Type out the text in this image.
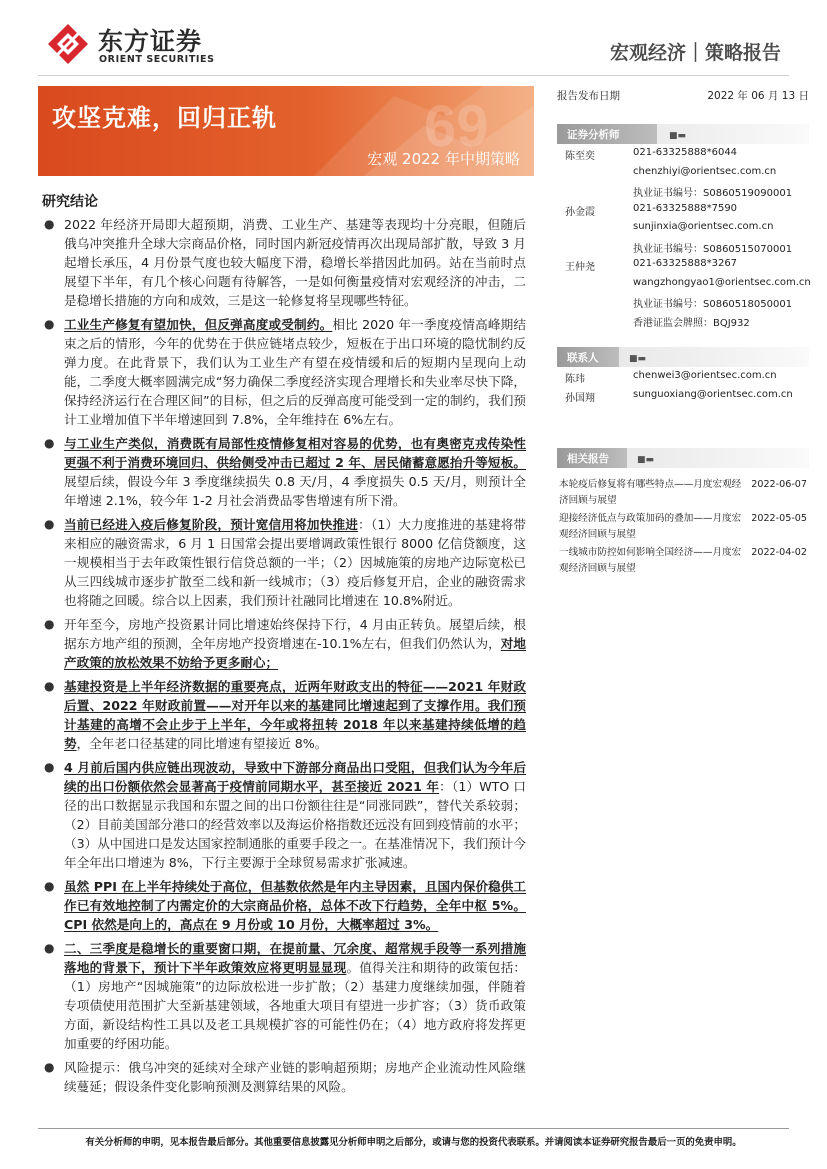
东方证券
ORIENT SECURITIES	宏观经济｜策略报告
69
攻坚克难，回归正轨
宏观 2022 年中期策略
研究结论
● 2022 年经济开局即大超预期，消费、工业生产、基建等表现均十分亮眼，但随后俄乌冲突推升全球大宗商品价格，同时国内新冠疫情再次出现局部扩散，导致 3 月起增长承压，4 月份景气度也较大幅度下滑，稳增长举措因此加码。站在当前时点展望下半年，有几个核心问题有待解答，一是如何衡量疫情对宏观经济的冲击，二是稳增长措施的方向和成效，三是这一轮修复将呈现哪些特征。
● 工业生产修复有望加快，但反弹高度或受制约。相比 2020 年一季度疫情高峰期结束之后的情形，今年的优势在于供应链堵点较少，短板在于出口环境的隐忧制约反弹力度。在此背景下，我们认为工业生产有望在疫情缓和后的短期内呈现向上动能，二季度大概率圆满完成“努力确保二季度经济实现合理增长和失业率尽快下降，保持经济运行在合理区间”的目标，但之后的反弹高度可能受到一定的制约，我们预计工业增加值下半年增速回到 7.8%，全年维持在 6%左右。
● 与工业生产类似，消费既有局部性疫情修复相对容易的优势，也有奥密克戎传染性更强不利于消费环境回归、供给侧受冲击已超过 2 年、居民储蓄意愿抬升等短板。展望后续，假设今年 3 季度继续损失 0.8 天/月，4 季度损失 0.5 天/月，则预计全年增速 2.1%，较今年 1-2 月社会消费品零售增速有所下滑。
● 当前已经进入疫后修复阶段，预计宽信用将加快推进：（1）大力度推进的基建将带来相应的融资需求，6 月 1 日国常会提出要增调政策性银行 8000 亿信贷额度，这一规模相当于去年政策性银行信贷总额的一半；（2）因城施策的房地产边际宽松已从三四线城市逐步扩散至二线和新一线城市；（3）疫后修复开启，企业的融资需求也将随之回暖。综合以上因素，我们预计社融同比增速在 10.8%附近。
● 开年至今，房地产投资累计同比增速始终保持下行，4 月由正转负。展望后续，根据东方地产组的预测，全年房地产投资增速在-10.1%左右，但我们仍然认为，对地产政策的放松效果不妨给予更多耐心；
● 基建投资是上半年经济数据的重要亮点，近两年财政支出的特征——2021 年财政后置、2022 年财政前置——对开年以来的基建同比增速起到了支撑作用。我们预计基建的高增不会止步于上半年，今年或将扭转 2018 年以来基建持续低增的趋势，全年老口径基建的同比增速有望接近 8%。
● 4 月前后国内供应链出现波动，导致中下游部分商品出口受阻，但我们认为今年后续的出口份额依然会显著高于疫情前同期水平，甚至接近 2021 年：（1）WTO 口径的出口数据显示我国和东盟之间的出口份额往往是“同涨同跌”，替代关系较弱；（2）目前美国部分港口的经营效率以及海运价格指数还远没有回到疫情前的水平；（3）从中国进口是发达国家控制通胀的重要手段之一。在基准情况下，我们预计今年全年出口增速为 8%，下行主要源于全球贸易需求扩张减速。
● 虽然 PPI 在上半年持续处于高位，但基数依然是年内主导因素，且国内保价稳供工作已有效地控制了内需定价的大宗商品价格，总体不改下行趋势，全年中枢 5%。CPI 依然是向上的，高点在 9 月份或 10 月份，大概率超过 3%。
● 二、三季度是稳增长的重要窗口期，在提前量、冗余度、超常规手段等一系列措施落地的背景下，预计下半年政策效应将更明显显现。值得关注和期待的政策包括：（1）房地产“因城施策”的边际放松进一步扩散；（2）基建力度继续加强，伴随着专项债使用范围扩大至新基建领域，各地重大项目有望进一步扩容；（3）货币政策方面，新设结构性工具以及老工具规模扩容的可能性仍在；（4）地方政府将发挥更加重要的纾困功能。
● 风险提示：俄乌冲突的延续对全球产业链的影响超预期；房地产企业流动性风险继续蔓延；假设条件变化影响预测及测算结果的风险。
报告发布日期	2022 年 06 月 13 日
证券分析师	■▬
陈至奕	021-63325888*6044
chenzhiyi@orientsec.com.cn
执业证书编号：S0860519090001
孙金霞	021-63325888*7590
sunjinxia@orientsec.com.cn
执业证书编号：S0860515070001
王仲尧	021-63325888*3267
wangzhongyao1@orientsec.com.cn
执业证书编号：S0860518050001
香港证监会牌照：BQJ932
联系人	■▬
陈玮	chenwei3@orientsec.com.cn
孙国翔	sunguoxiang@orientsec.com.cn
相关报告	■▬
本轮疫后修复将有哪些特点——月度宏观经济回顾与展望
2022-06-07
迎接经济低点与政策加码的叠加——月度宏观经济回顾与展望
2022-05-05
一线城市防控如何影响全国经济——月度宏观经济回顾与展望
2022-04-02
有关分析师的申明，见本报告最后部分。其他重要信息披露见分析师申明之后部分，或请与您的投资代表联系。并请阅读本证券研究报告最后一页的免责申明。
